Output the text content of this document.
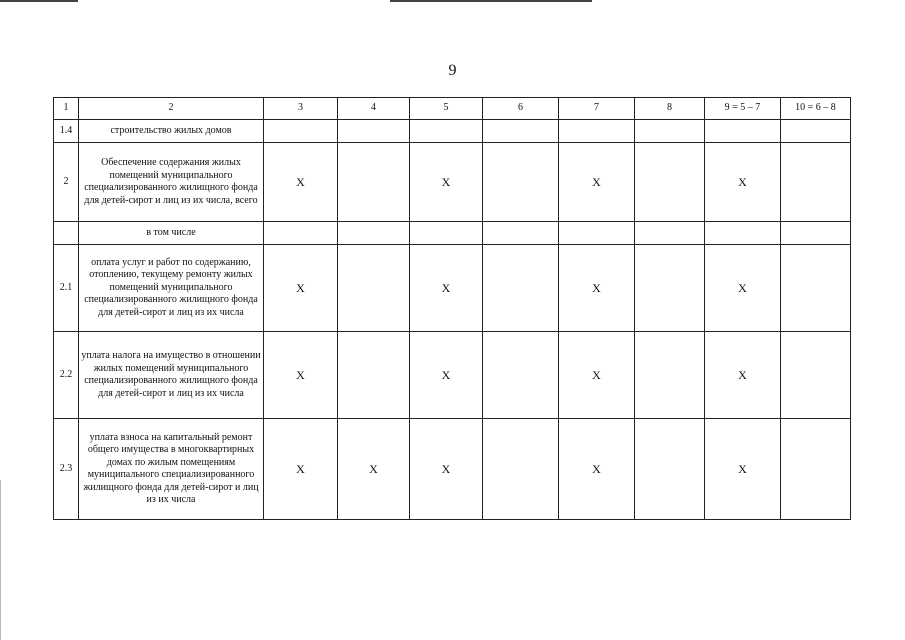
9
1	2	3	4	5	6	7	8	9 = 5 – 7	10 = 6 – 8
1.4	строительство жилых домов								
2	Обеспечение содержания жилых помещений муниципального специализированного жилищного фонда для детей-сирот и лиц из их числа, всего	Х		Х		Х		Х	
	в том числе								
2.1	оплата услуг и работ по содержанию, отоплению, текущему ремонту жилых помещений муниципального специализированного жилищного фонда для детей-сирот и лиц из их числа	Х		Х		Х		Х	
2.2	уплата налога на имущество в отношении жилых помещений муниципального специализированного жилищного фонда для детей-сирот и лиц из их числа	Х		Х		Х		Х	
2.3	уплата взноса на капитальный ремонт общего имущества в многоквартирных домах по жилым помещениям муниципального специализированного жилищного фонда для детей-сирот и лиц из их числа	Х	Х	Х		Х		Х	
